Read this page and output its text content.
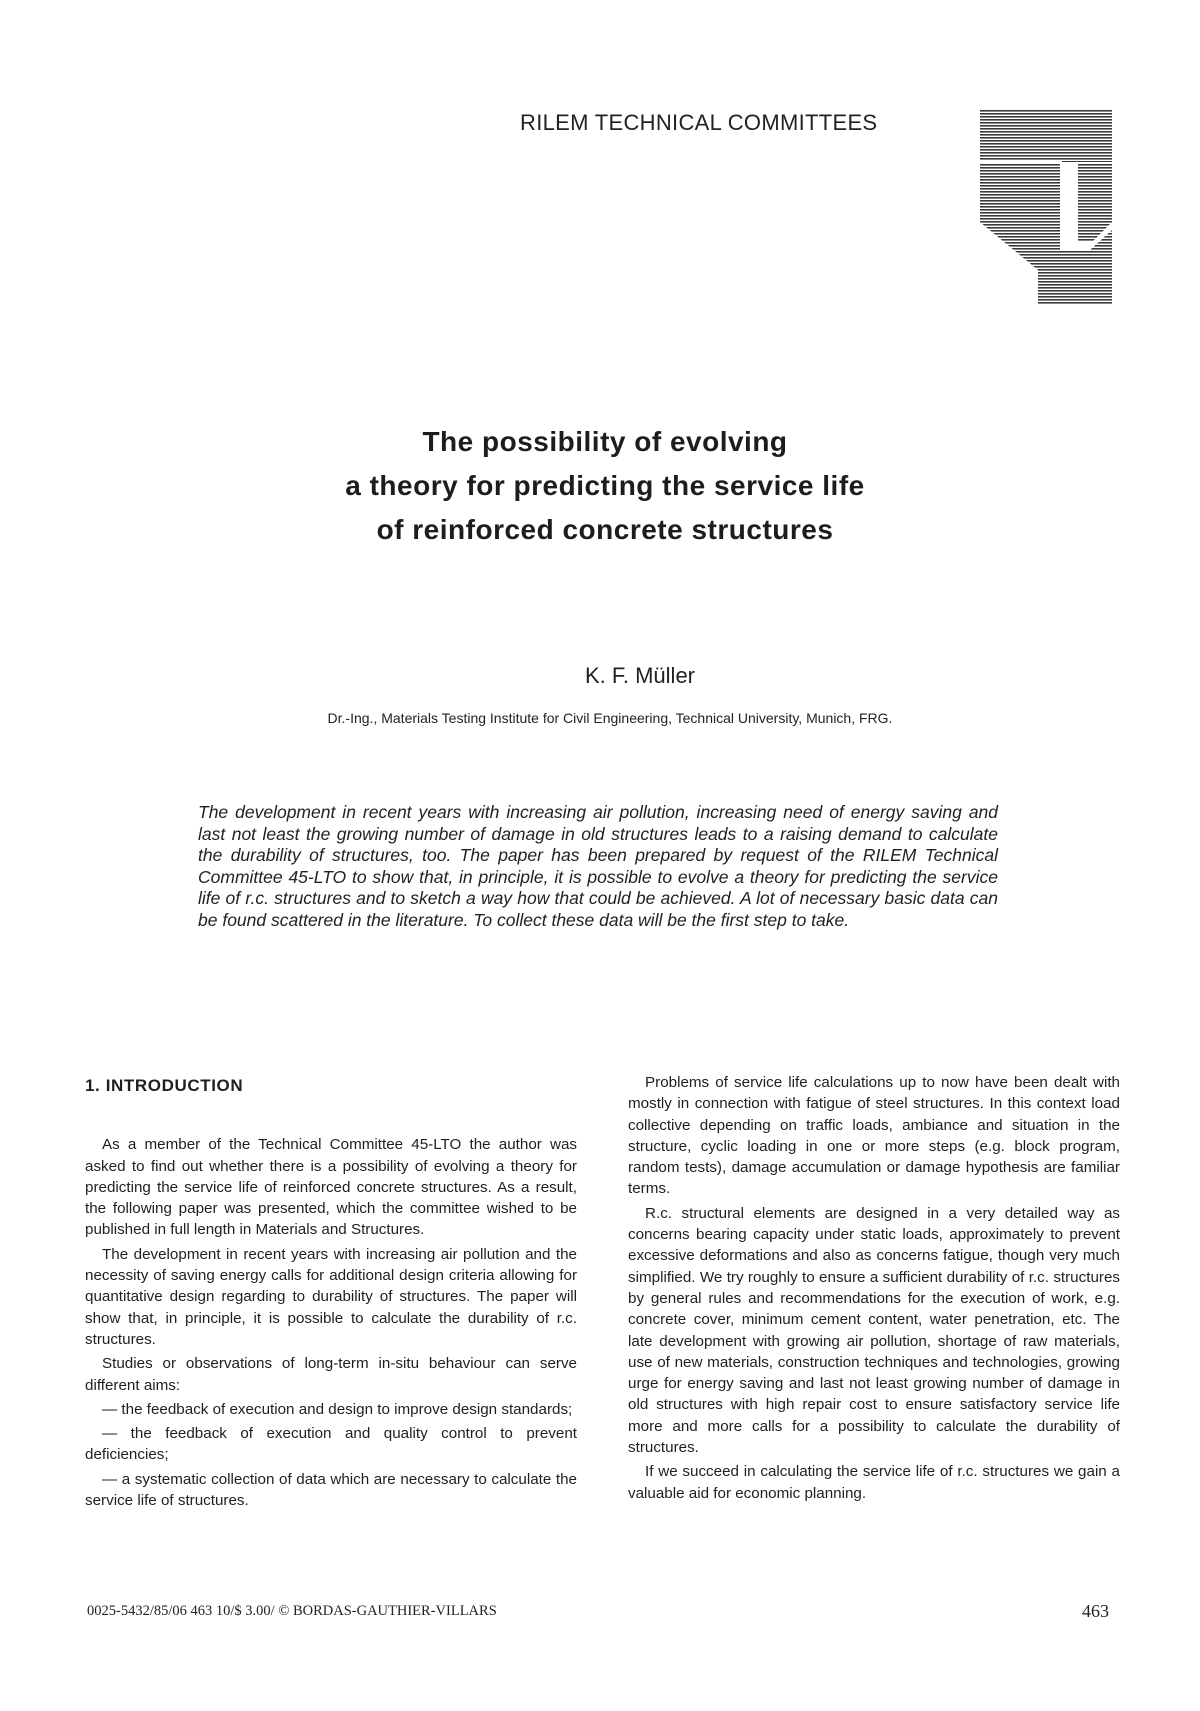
RILEM TECHNICAL COMMITTEES
The possibility of evolving
a theory for predicting the service life
of reinforced concrete structures
K. F. Müller
Dr.-Ing., Materials Testing Institute for Civil Engineering, Technical University, Munich, FRG.
The development in recent years with increasing air pollution, increasing need of energy saving and last not least the growing number of damage in old structures leads to a raising demand to calculate the durability of structures, too. The paper has been prepared by request of the RILEM Technical Committee 45-LTO to show that, in principle, it is possible to evolve a theory for predicting the service life of r.c. structures and to sketch a way how that could be achieved. A lot of necessary basic data can be found scattered in the literature. To collect these data will be the first step to take.
1. INTRODUCTION

As a member of the Technical Committee 45-LTO the author was asked to find out whether there is a possibility of evolving a theory for predicting the service life of reinforced concrete structures. As a result, the following paper was presented, which the committee wished to be published in full length in Materials and Structures.

The development in recent years with increasing air pollution and the necessity of saving energy calls for additional design criteria allowing for quantitative design regarding to durability of structures. The paper will show that, in principle, it is possible to calculate the durability of r.c. structures.

Studies or observations of long-term in-situ behaviour can serve different aims:

— the feedback of execution and design to improve design standards;

— the feedback of execution and quality control to prevent deficiencies;

— a systematic collection of data which are necessary to calculate the service life of structures.

Problems of service life calculations up to now have been dealt with mostly in connection with fatigue of steel structures. In this context load collective depending on traffic loads, ambiance and situation in the structure, cyclic loading in one or more steps (e.g. block program, random tests), damage accumulation or damage hypothesis are familiar terms.

R.c. structural elements are designed in a very detailed way as concerns bearing capacity under static loads, approximately to prevent excessive deformations and also as concerns fatigue, though very much simplified. We try roughly to ensure a sufficient durability of r.c. structures by general rules and recommendations for the execution of work, e.g. concrete cover, minimum cement content, water penetration, etc. The late development with growing air pollution, shortage of raw materials, use of new materials, construction techniques and technologies, growing urge for energy saving and last not least growing number of damage in old structures with high repair cost to ensure satisfactory service life more and more calls for a possibility to calculate the durability of structures.

If we succeed in calculating the service life of r.c. structures we gain a valuable aid for economic planning.

0025-5432/85/06 463 10/$ 3.00/ © BORDAS-GAUTHIER-VILLARS	463
